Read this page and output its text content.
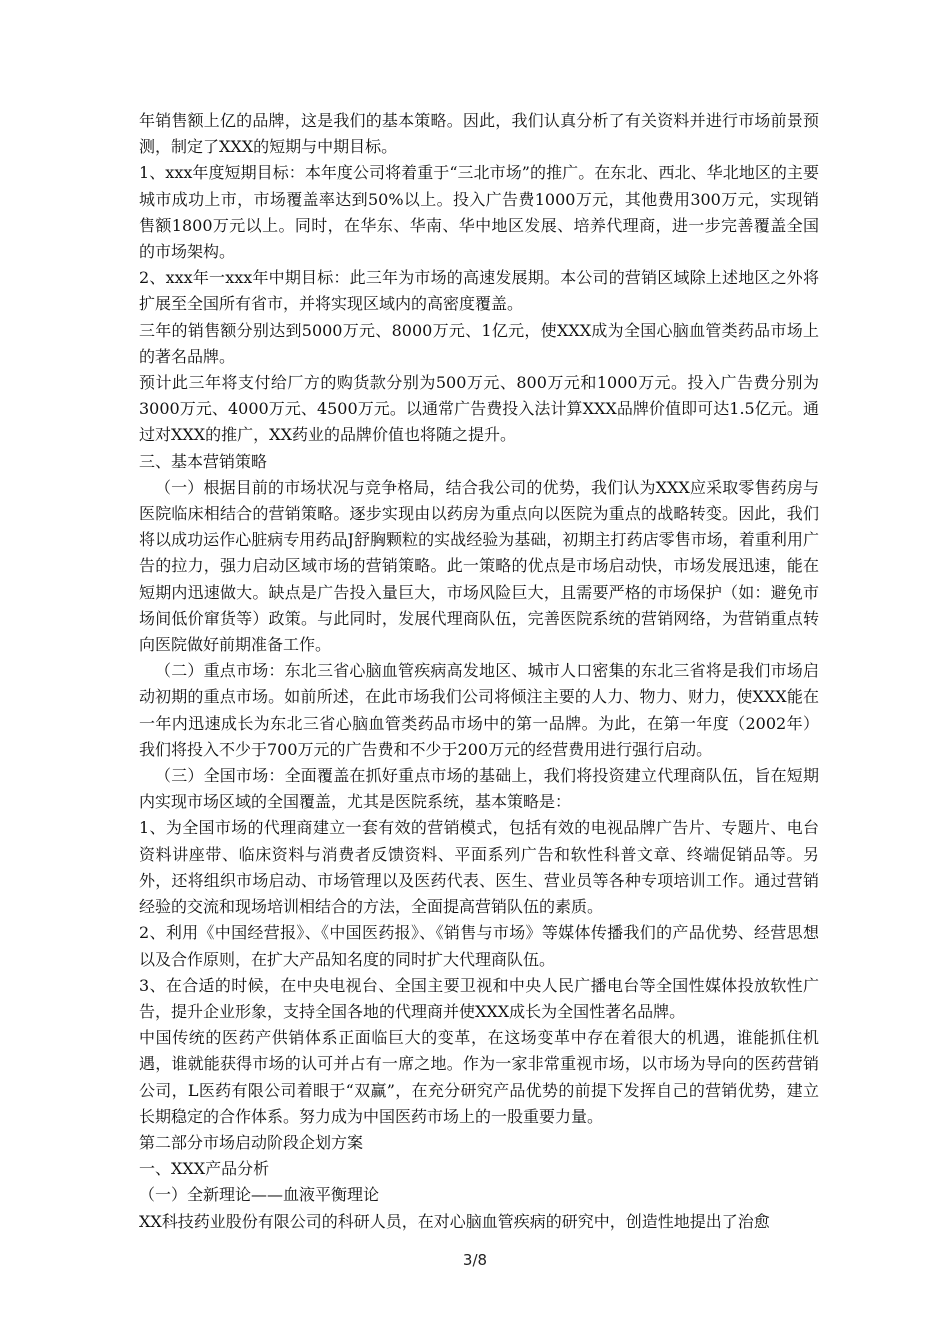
年销售额上亿的品牌，这是我们的基本策略。因此，我们认真分析了有关资料并进行市场前景预测，制定了XXX的短期与中期目标。

1、xxx年度短期目标：本年度公司将着重于“三北市场”的推广。在东北、西北、华北地区的主要城市成功上市，市场覆盖率达到50%以上。投入广告费1000万元，其他费用300万元，实现销售额1800万元以上。同时，在华东、华南、华中地区发展、培养代理商，进一步完善覆盖全国的市场架构。

2、xxx年一xxx年中期目标：此三年为市场的高速发展期。本公司的营销区域除上述地区之外将扩展至全国所有省市，并将实现区域内的高密度覆盖。

三年的销售额分别达到5000万元、8000万元、1亿元，使XXX成为全国心脑血管类药品市场上的著名品牌。

预计此三年将支付给厂方的购货款分别为500万元、800万元和1000万元。投入广告费分别为3000万元、4000万元、4500万元。以通常广告费投入法计算XXX品牌价值即可达1.5亿元。通过对XXX的推广，XX药业的品牌价值也将随之提升。

三、基本营销策略

（一）根据目前的市场状况与竞争格局，结合我公司的优势，我们认为XXX应采取零售药房与医院临床相结合的营销策略。逐步实现由以药房为重点向以医院为重点的战略转变。因此，我们将以成功运作心脏病专用药品J舒胸颗粒的实战经验为基础，初期主打药店零售市场，着重利用广告的拉力，强力启动区域市场的营销策略。此一策略的优点是市场启动快，市场发展迅速，能在短期内迅速做大。缺点是广告投入量巨大，市场风险巨大，且需要严格的市场保护（如：避免市场间低价窜货等）政策。与此同时，发展代理商队伍，完善医院系统的营销网络，为营销重点转向医院做好前期准备工作。

（二）重点市场：东北三省心脑血管疾病高发地区、城市人口密集的东北三省将是我们市场启动初期的重点市场。如前所述，在此市场我们公司将倾注主要的人力、物力、财力，使XXX能在一年内迅速成长为东北三省心脑血管类药品市场中的第一品牌。为此，在第一年度（2002年）我们将投入不少于700万元的广告费和不少于200万元的经营费用进行强行启动。

（三）全国市场：全面覆盖在抓好重点市场的基础上，我们将投资建立代理商队伍，旨在短期内实现市场区域的全国覆盖，尤其是医院系统，基本策略是：

1、为全国市场的代理商建立一套有效的营销模式，包括有效的电视品牌广告片、专题片、电台资料讲座带、临床资料与消费者反馈资料、平面系列广告和软性科普文章、终端促销品等。另外，还将组织市场启动、市场管理以及医药代表、医生、营业员等各种专项培训工作。通过营销经验的交流和现场培训相结合的方法，全面提高营销队伍的素质。

2、利用《中国经营报》、《中国医药报》、《销售与市场》等媒体传播我们的产品优势、经营思想以及合作原则，在扩大产品知名度的同时扩大代理商队伍。

3、在合适的时候，在中央电视台、全国主要卫视和中央人民广播电台等全国性媒体投放软性广告，提升企业形象，支持全国各地的代理商并使XXX成长为全国性著名品牌。

中国传统的医药产供销体系正面临巨大的变革，在这场变革中存在着很大的机遇，谁能抓住机遇，谁就能获得市场的认可并占有一席之地。作为一家非常重视市场，以市场为导向的医药营销公司，L医药有限公司着眼于“双赢”，在充分研究产品优势的前提下发挥自己的营销优势，建立长期稳定的合作体系。努力成为中国医药市场上的一股重要力量。

第二部分市场启动阶段企划方案

一、XXX产品分析

（一）全新理论——血液平衡理论

XX科技药业股份有限公司的科研人员，在对心脑血管疾病的研究中，创造性地提出了治愈

3/8
